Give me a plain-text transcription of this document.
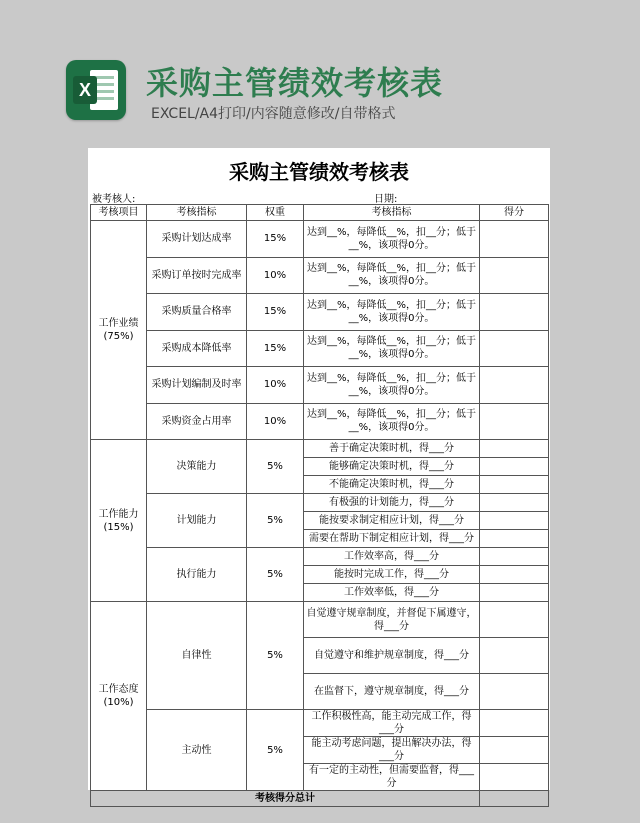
X 采购主管绩效考核表
EXCEL/A4打印/内容随意修改/自带格式
采购主管绩效考核表
被考核人:	日期:
考核项目	考核指标	权重	考核指标	得分
工作业绩
(75%)	采购计划达成率	15%	达到__%，每降低__%，扣__分；低于__%，该项得0分。	
	采购订单按时完成率	10%	达到__%，每降低__%，扣__分；低于__%，该项得0分。	
	采购质量合格率	15%	达到__%，每降低__%，扣__分；低于__%，该项得0分。	
	采购成本降低率	15%	达到__%，每降低__%，扣__分；低于__%，该项得0分。	
	采购计划编制及时率	10%	达到__%，每降低__%，扣__分；低于__%，该项得0分。	
	采购资金占用率	10%	达到__%，每降低__%，扣__分；低于__%，该项得0分。	
工作能力
(15%)	决策能力	5%	善于确定决策时机，得___分	
			能够确定决策时机，得___分	
			不能确定决策时机，得___分	
	计划能力	5%	有极强的计划能力，得___分	
			能按要求制定相应计划，得___分	
			需要在帮助下制定相应计划，得___分	
	执行能力	5%	工作效率高，得___分	
			能按时完成工作，得___分	
			工作效率低，得___分	
工作态度
(10%)	自律性	5%	自觉遵守规章制度，并督促下属遵守，得___分	
			自觉遵守和维护规章制度，得___分	
			在监督下，遵守规章制度，得___分	
	主动性	5%	工作积极性高，能主动完成工作，得___分	
			能主动考虑问题，提出解决办法，得___分	
			有一定的主动性，但需要监督，得___分	
考核得分总计				
